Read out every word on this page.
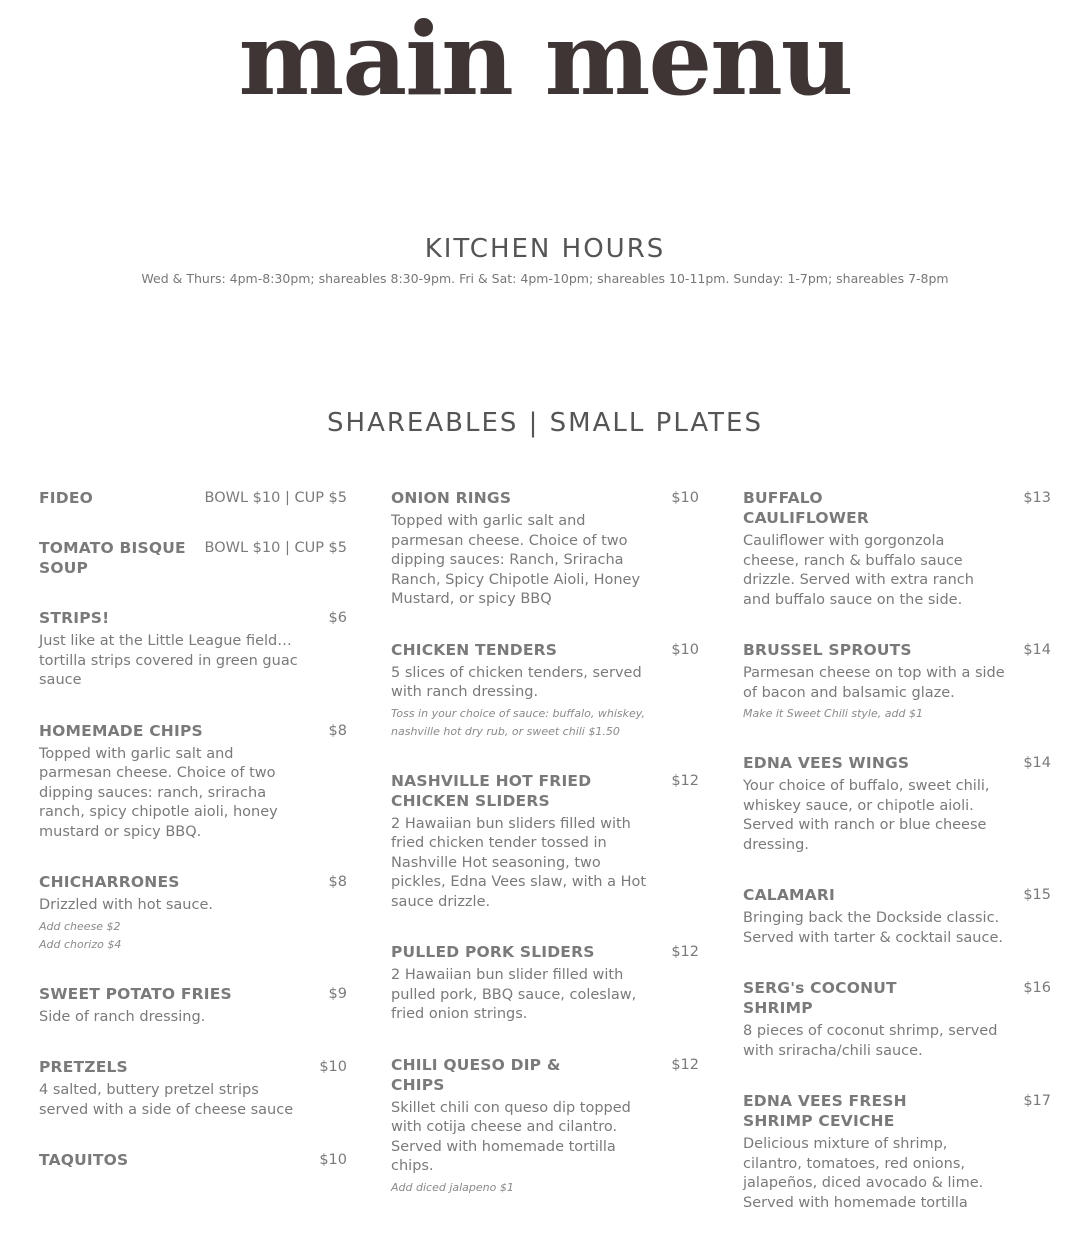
main menu
KITCHEN HOURS
Wed & Thurs: 4pm-8:30pm; shareables 8:30-9pm. Fri & Sat: 4pm-10pm; shareables 10-11pm. Sunday: 1-7pm; shareables 7-8pm
SHAREABLES | SMALL PLATES
FIDEO	BOWL $10 | CUP $5
TOMATO BISQUE SOUP
BOWL $10 | CUP $5
STRIPS!	$6
Just like at the Little League field…tortilla strips covered in green guac sauce
HOMEMADE CHIPS	$8
Topped with garlic salt and parmesan cheese. Choice of two dipping sauces: ranch, sriracha ranch, spicy chipotle aioli, honey mustard or spicy BBQ.
CHICHARRONES	$8
Drizzled with hot sauce.
Add cheese $2
Add chorizo $4
SWEET POTATO FRIES	$9
Side of ranch dressing.
PRETZELS	$10
4 salted, buttery pretzel strips served with a side of cheese sauce
TAQUITOS	$10
ONION RINGS	$10
Topped with garlic salt and parmesan cheese. Choice of two dipping sauces: Ranch, Sriracha Ranch, Spicy Chipotle Aioli, Honey Mustard, or spicy BBQ
CHICKEN TENDERS	$10
5 slices of chicken tenders, served with ranch dressing.
Toss in your choice of sauce: buffalo, whiskey, nashville hot dry rub, or sweet chili $1.50
NASHVILLE HOT FRIED CHICKEN SLIDERS
$12
2 Hawaiian bun sliders filled with fried chicken tender tossed in Nashville Hot seasoning, two pickles, Edna Vees slaw, with a Hot sauce drizzle.
PULLED PORK SLIDERS	$12
2 Hawaiian bun slider filled with pulled pork, BBQ sauce, coleslaw, fried onion strings.
CHILI QUESO DIP & CHIPS
$12
Skillet chili con queso dip topped with cotija cheese and cilantro. Served with homemade tortilla chips.
Add diced jalapeno $1
BUFFALO CAULIFLOWER
$13
Cauliflower with gorgonzola cheese, ranch & buffalo sauce drizzle. Served with extra ranch and buffalo sauce on the side.
BRUSSEL SPROUTS	$14
Parmesan cheese on top with a side of bacon and balsamic glaze.
Make it Sweet Chili style, add $1
EDNA VEES WINGS	$14
Your choice of buffalo, sweet chili, whiskey sauce, or chipotle aioli. Served with ranch or blue cheese dressing.
CALAMARI	$15
Bringing back the Dockside classic. Served with tarter & cocktail sauce.
SERG's COCONUT SHRIMP
$16
8 pieces of coconut shrimp, served with sriracha/chili sauce.
EDNA VEES FRESH SHRIMP CEVICHE
$17
Delicious mixture of shrimp, cilantro, tomatoes, red onions, jalapeños, diced avocado & lime. Served with homemade tortilla
